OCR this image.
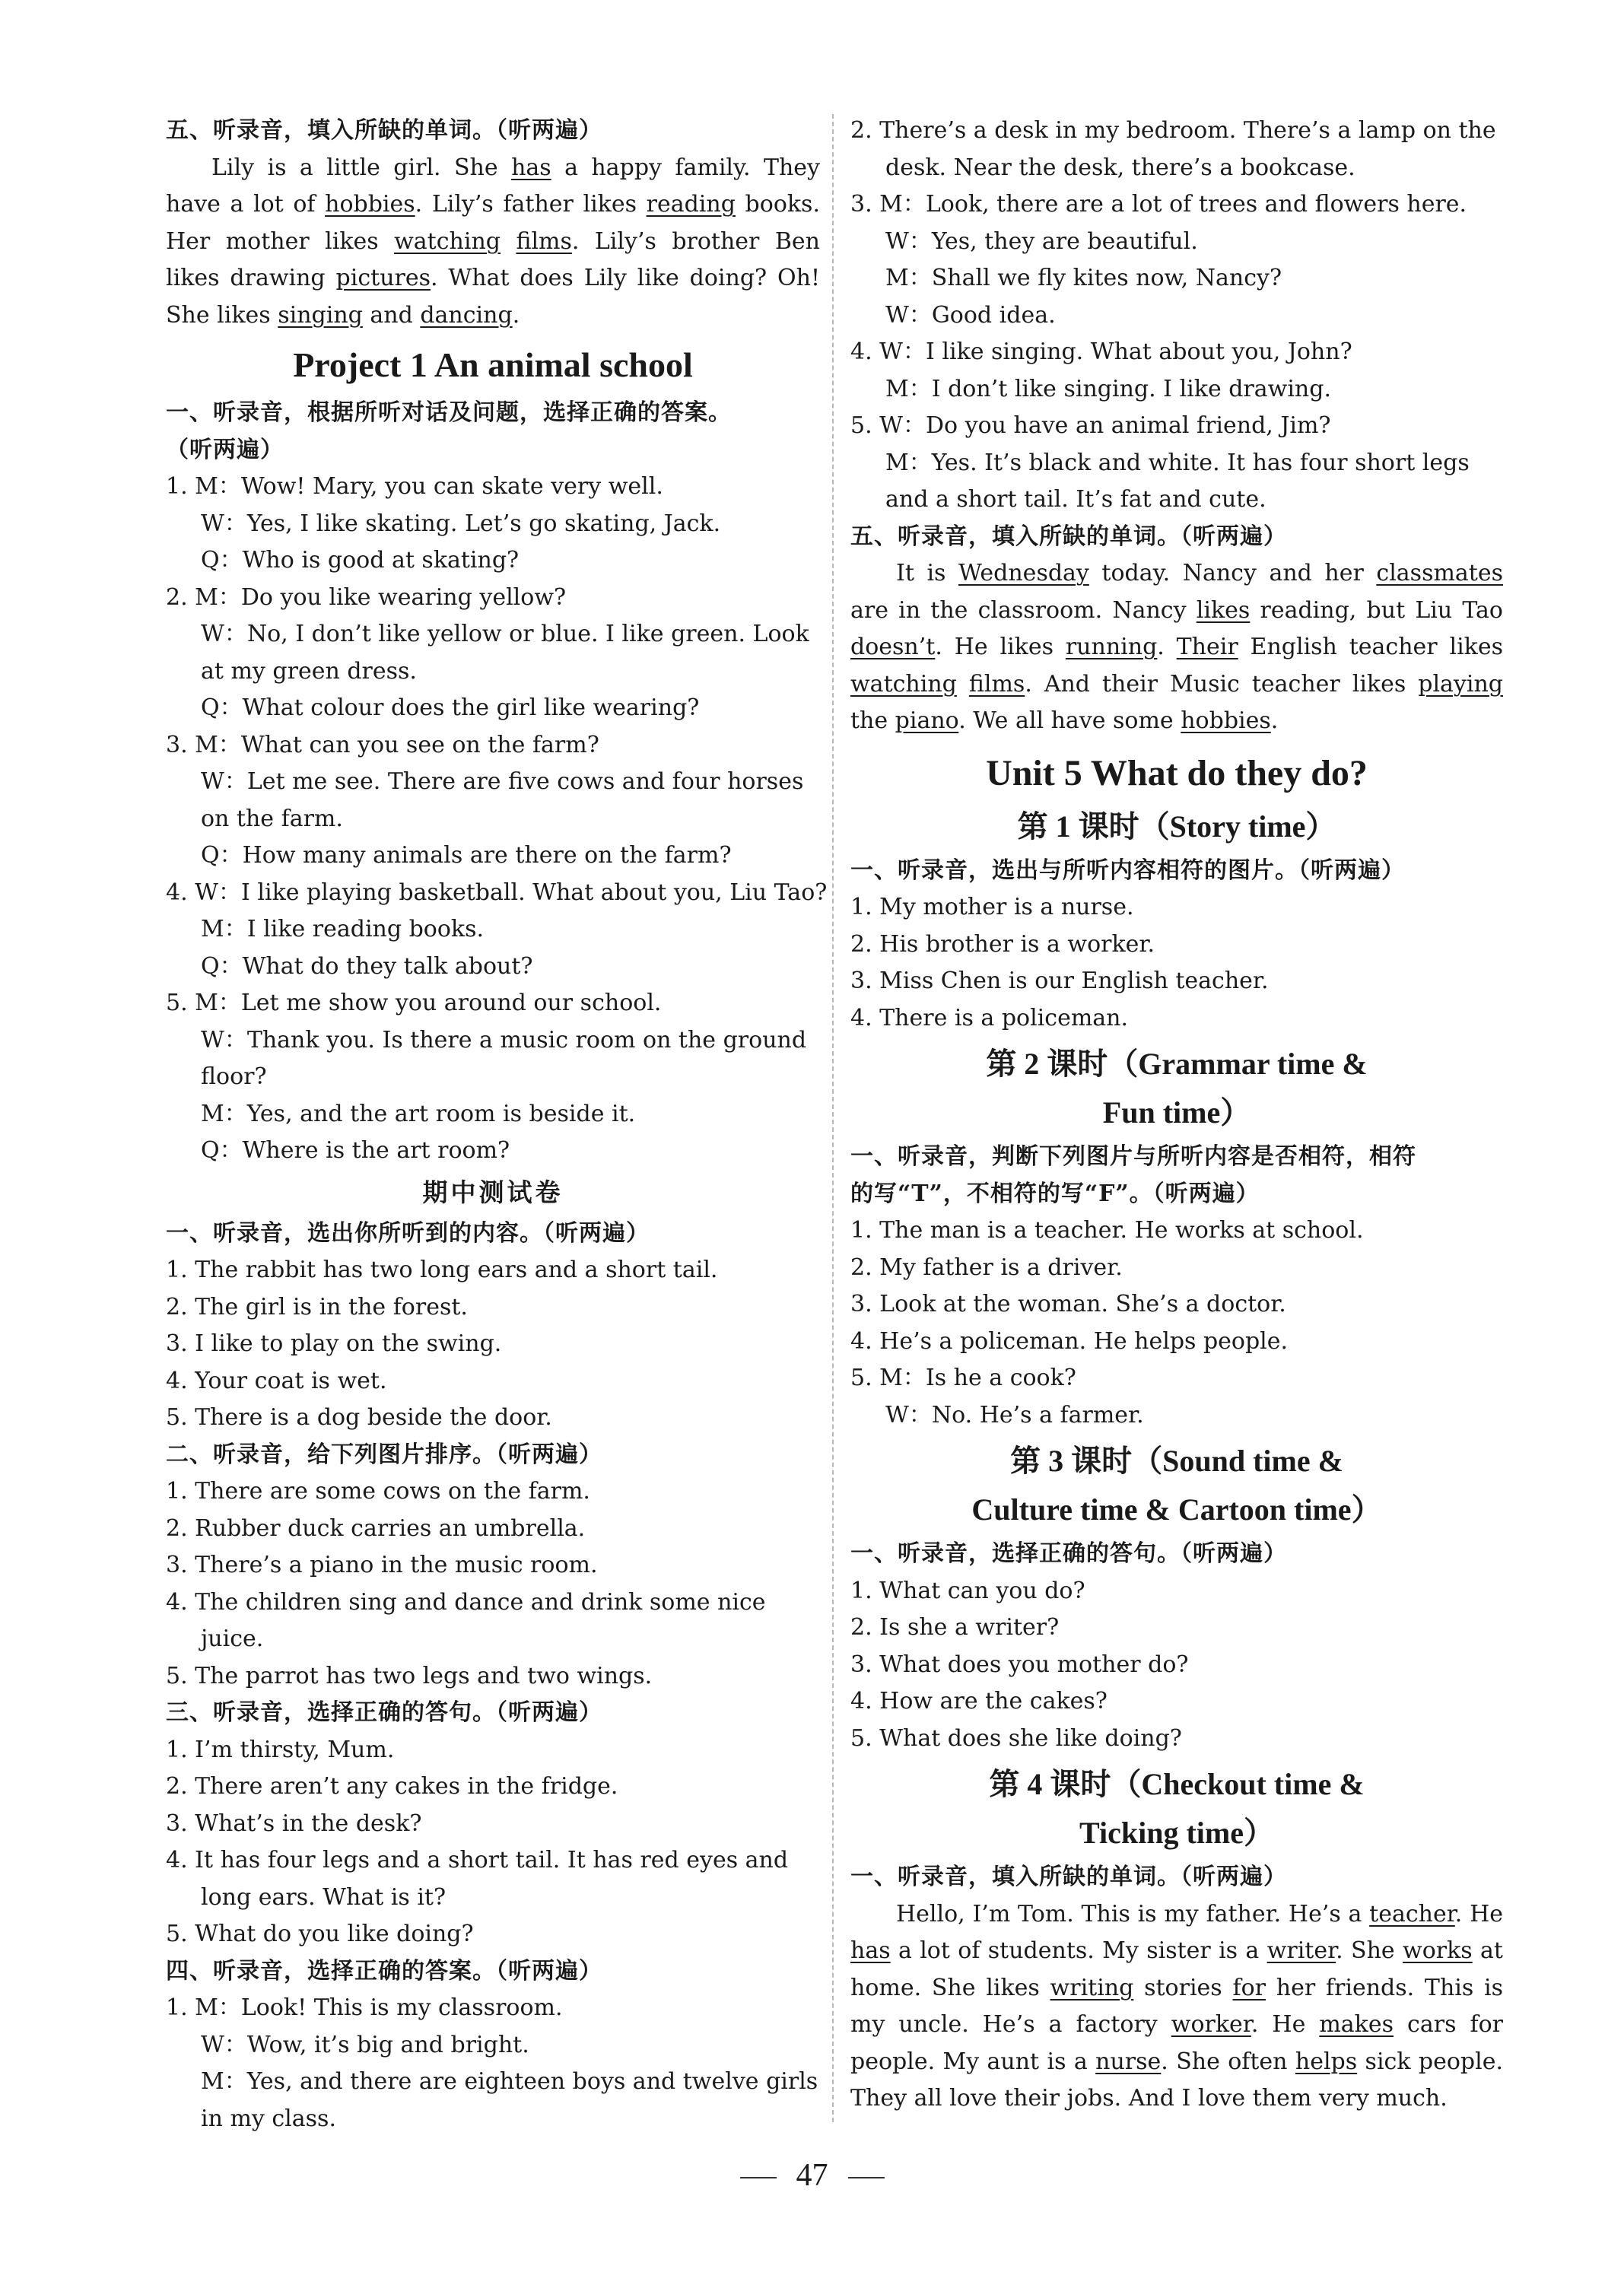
五、听录音，填入所缺的单词。（听两遍）
Lily is a little girl. She has a happy family. They have a lot of hobbies. Lily’s father likes reading books. Her mother likes watching films. Lily’s brother Ben likes drawing pictures. What does Lily like doing? Oh! She likes singing and dancing.
Project 1 An animal school
一、听录音，根据所听对话及问题，选择正确的答案。
（听两遍）
1. M：Wow! Mary, you can skate very well.
W：Yes, I like skating. Let’s go skating, Jack.
Q：Who is good at skating?
2. M：Do you like wearing yellow?
W：No, I don’t like yellow or blue. I like green. Look
at my green dress.
Q：What colour does the girl like wearing?
3. M：What can you see on the farm?
W：Let me see. There are five cows and four horses
on the farm.
Q：How many animals are there on the farm?
4. W：I like playing basketball. What about you, Liu Tao?
M：I like reading books.
Q：What do they talk about?
5. M：Let me show you around our school.
W：Thank you. Is there a music room on the ground
floor?
M：Yes, and the art room is beside it.
Q：Where is the art room?
期中测试卷
一、听录音，选出你所听到的内容。（听两遍）
1. The rabbit has two long ears and a short tail.
2. The girl is in the forest.
3. I like to play on the swing.
4. Your coat is wet.
5. There is a dog beside the door.
二、听录音，给下列图片排序。（听两遍）
1. There are some cows on the farm.
2. Rubber duck carries an umbrella.
3. There’s a piano in the music room.
4. The children sing and dance and drink some nice
juice.
5. The parrot has two legs and two wings.
三、听录音，选择正确的答句。（听两遍）
1. I’m thirsty, Mum.
2. There aren’t any cakes in the fridge.
3. What’s in the desk?
4. It has four legs and a short tail. It has red eyes and
long ears. What is it?
5. What do you like doing?
四、听录音，选择正确的答案。（听两遍）
1. M：Look! This is my classroom.
W：Wow, it’s big and bright.
M：Yes, and there are eighteen boys and twelve girls
in my class.
2. There’s a desk in my bedroom. There’s a lamp on the
desk. Near the desk, there’s a bookcase.
3. M：Look, there are a lot of trees and flowers here.
W：Yes, they are beautiful.
M：Shall we fly kites now, Nancy?
W：Good idea.
4. W：I like singing. What about you, John?
M：I don’t like singing. I like drawing.
5. W：Do you have an animal friend, Jim?
M：Yes. It’s black and white. It has four short legs
and a short tail. It’s fat and cute.
五、听录音，填入所缺的单词。（听两遍）
It is Wednesday today. Nancy and her classmates are in the classroom. Nancy likes reading, but Liu Tao doesn’t. He likes running. Their English teacher likes watching films. And their Music teacher likes playing the piano. We all have some hobbies.
Unit 5 What do they do?
第 1 课时（Story time）
一、听录音，选出与所听内容相符的图片。（听两遍）
1. My mother is a nurse.
2. His brother is a worker.
3. Miss Chen is our English teacher.
4. There is a policeman.
第 2 课时（Grammar time &
Fun time）
一、听录音，判断下列图片与所听内容是否相符，相符
的写“T”，不相符的写“F”。（听两遍）
1. The man is a teacher. He works at school.
2. My father is a driver.
3. Look at the woman. She’s a doctor.
4. He’s a policeman. He helps people.
5. M：Is he a cook?
W：No. He’s a farmer.
第 3 课时（Sound time &
Culture time & Cartoon time）
一、听录音，选择正确的答句。（听两遍）
1. What can you do?
2. Is she a writer?
3. What does you mother do?
4. How are the cakes?
5. What does she like doing?
第 4 课时（Checkout time &
Ticking time）
一、听录音，填入所缺的单词。（听两遍）
Hello, I’m Tom. This is my father. He’s a teacher. He has a lot of students. My sister is a writer. She works at home. She likes writing stories for her friends. This is my uncle. He’s a factory worker. He makes cars for people. My aunt is a nurse. She often helps sick people. They all love their jobs. And I love them very much.
47
